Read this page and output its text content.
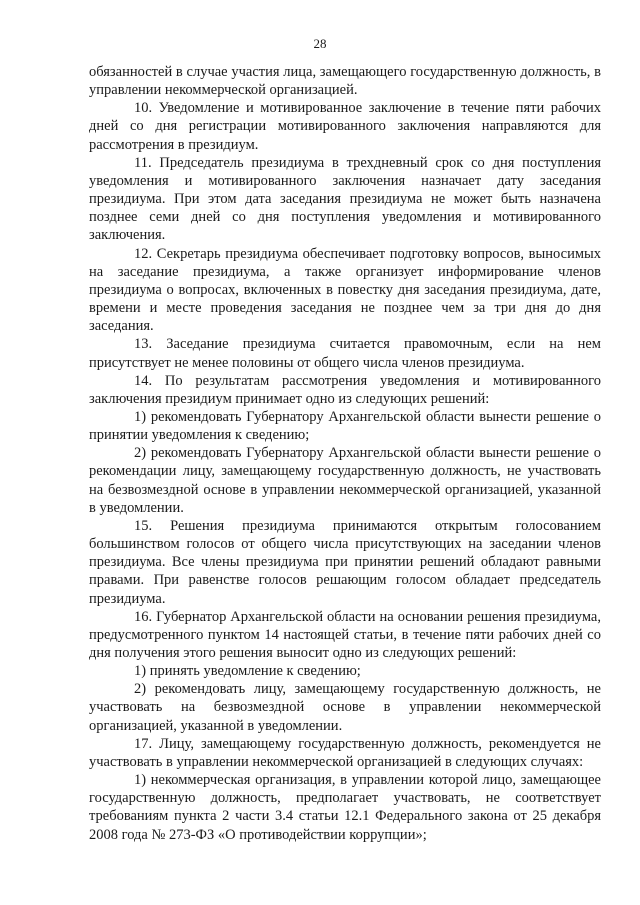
28

обязанностей в случае участия лица, замещающего государственную должность, в управлении некоммерческой организацией.

10. Уведомление и мотивированное заключение в течение пяти рабочих дней со дня регистрации мотивированного заключения направляются для рассмотрения в президиум.

11. Председатель президиума в трехдневный срок со дня поступления уведомления и мотивированного заключения назначает дату заседания президиума. При этом дата заседания президиума не может быть назначена позднее семи дней со дня поступления уведомления и мотивированного заключения.

12. Секретарь президиума обеспечивает подготовку вопросов, выносимых на заседание президиума, а также организует информирование членов президиума о вопросах, включенных в повестку дня заседания президиума, дате, времени и месте проведения заседания не позднее чем за три дня до дня заседания.

13. Заседание президиума считается правомочным, если на нем присутствует не менее половины от общего числа членов президиума.

14. По результатам рассмотрения уведомления и мотивированного заключения президиум принимает одно из следующих решений:

1) рекомендовать Губернатору Архангельской области вынести решение о принятии уведомления к сведению;

2) рекомендовать Губернатору Архангельской области вынести решение о рекомендации лицу, замещающему государственную должность, не участвовать на безвозмездной основе в управлении некоммерческой организацией, указанной в уведомлении.

15. Решения президиума принимаются открытым голосованием большинством голосов от общего числа присутствующих на заседании членов президиума. Все члены президиума при принятии решений обладают равными правами. При равенстве голосов решающим голосом обладает председатель президиума.

16. Губернатор Архангельской области на основании решения президиума, предусмотренного пунктом 14 настоящей статьи, в течение пяти рабочих дней со дня получения этого решения выносит одно из следующих решений:

1) принять уведомление к сведению;

2) рекомендовать лицу, замещающему государственную должность, не участвовать на безвозмездной основе в управлении некоммерческой организацией, указанной в уведомлении.

17. Лицу, замещающему государственную должность, рекомендуется не участвовать в управлении некоммерческой организацией в следующих случаях:

1) некоммерческая организация, в управлении которой лицо, замещающее государственную должность, предполагает участвовать, не соответствует требованиям пункта 2 части 3.4 статьи 12.1 Федерального закона от 25 декабря 2008 года № 273-ФЗ «О противодействии коррупции»;
